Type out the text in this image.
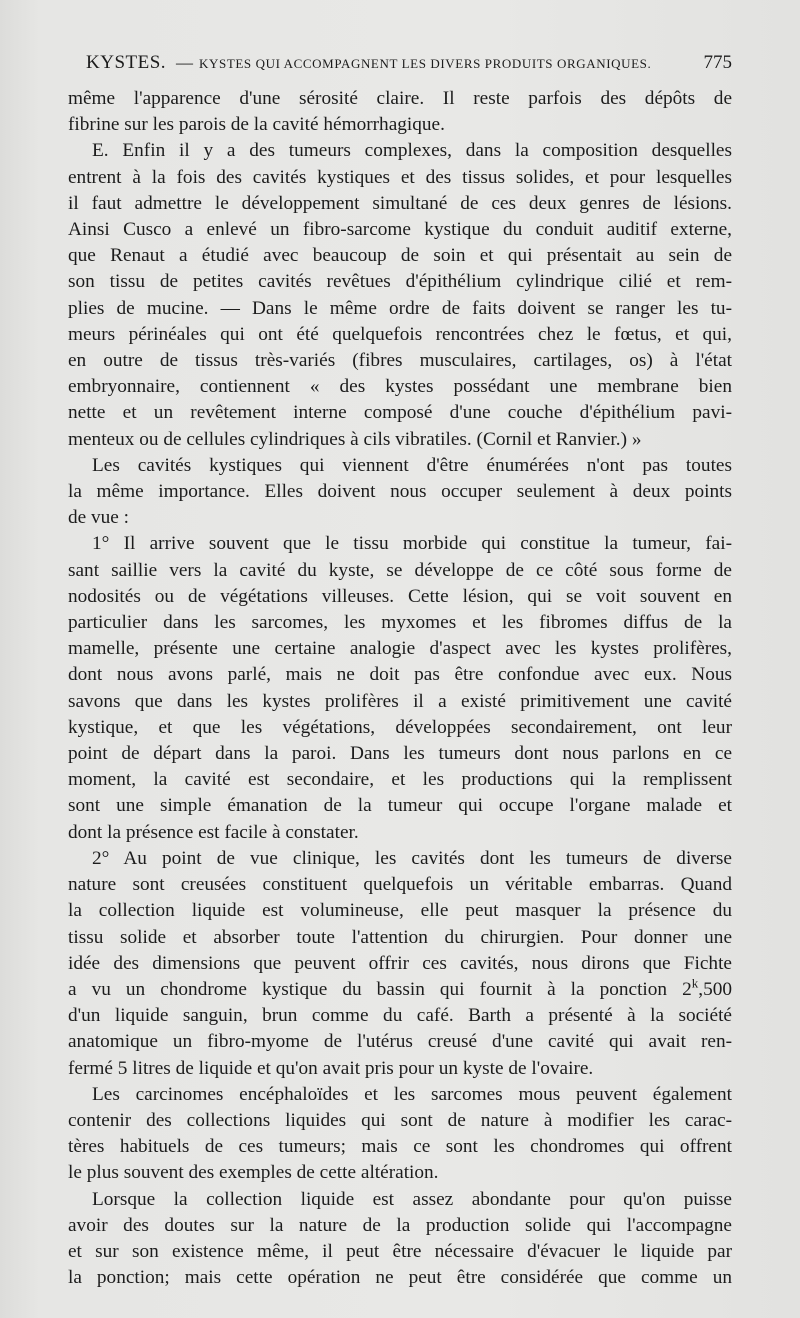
KYSTES. — KYSTES QUI ACCOMPAGNENT LES DIVERS PRODUITS ORGANIQUES.	775

même l'apparence d'une sérosité claire. Il reste parfois des dépôts de

fibrine sur les parois de la cavité hémorrhagique.

E. Enfin il y a des tumeurs complexes, dans la composition desquelles

entrent à la fois des cavités kystiques et des tissus solides, et pour lesquelles

il faut admettre le développement simultané de ces deux genres de lésions.

Ainsi Cusco a enlevé un fibro-sarcome kystique du conduit auditif externe,

que Renaut a étudié avec beaucoup de soin et qui présentait au sein de

son tissu de petites cavités revêtues d'épithélium cylindrique cilié et rem-

plies de mucine. — Dans le même ordre de faits doivent se ranger les tu-

meurs périnéales qui ont été quelquefois rencontrées chez le fœtus, et qui,

en outre de tissus très-variés (fibres musculaires, cartilages, os) à l'état

embryonnaire, contiennent « des kystes possédant une membrane bien

nette et un revêtement interne composé d'une couche d'épithélium pavi-

menteux ou de cellules cylindriques à cils vibratiles. (Cornil et Ranvier.) »

Les cavités kystiques qui viennent d'être énumérées n'ont pas toutes

la même importance. Elles doivent nous occuper seulement à deux points

de vue :

1° Il arrive souvent que le tissu morbide qui constitue la tumeur, fai-

sant saillie vers la cavité du kyste, se développe de ce côté sous forme de

nodosités ou de végétations villeuses. Cette lésion, qui se voit souvent en

particulier dans les sarcomes, les myxomes et les fibromes diffus de la

mamelle, présente une certaine analogie d'aspect avec les kystes prolifères,

dont nous avons parlé, mais ne doit pas être confondue avec eux. Nous

savons que dans les kystes prolifères il a existé primitivement une cavité

kystique, et que les végétations, développées secondairement, ont leur

point de départ dans la paroi. Dans les tumeurs dont nous parlons en ce

moment, la cavité est secondaire, et les productions qui la remplissent

sont une simple émanation de la tumeur qui occupe l'organe malade et

dont la présence est facile à constater.

2° Au point de vue clinique, les cavités dont les tumeurs de diverse

nature sont creusées constituent quelquefois un véritable embarras. Quand

la collection liquide est volumineuse, elle peut masquer la présence du

tissu solide et absorber toute l'attention du chirurgien. Pour donner une

idée des dimensions que peuvent offrir ces cavités, nous dirons que Fichte

a vu un chondrome kystique du bassin qui fournit à la ponction 2$^k$,500

d'un liquide sanguin, brun comme du café. Barth a présenté à la société

anatomique un fibro-myome de l'utérus creusé d'une cavité qui avait ren-

fermé 5 litres de liquide et qu'on avait pris pour un kyste de l'ovaire.

Les carcinomes encéphaloïdes et les sarcomes mous peuvent également

contenir des collections liquides qui sont de nature à modifier les carac-

tères habituels de ces tumeurs; mais ce sont les chondromes qui offrent

le plus souvent des exemples de cette altération.

Lorsque la collection liquide est assez abondante pour qu'on puisse

avoir des doutes sur la nature de la production solide qui l'accompagne

et sur son existence même, il peut être nécessaire d'évacuer le liquide par

la ponction; mais cette opération ne peut être considérée que comme un
